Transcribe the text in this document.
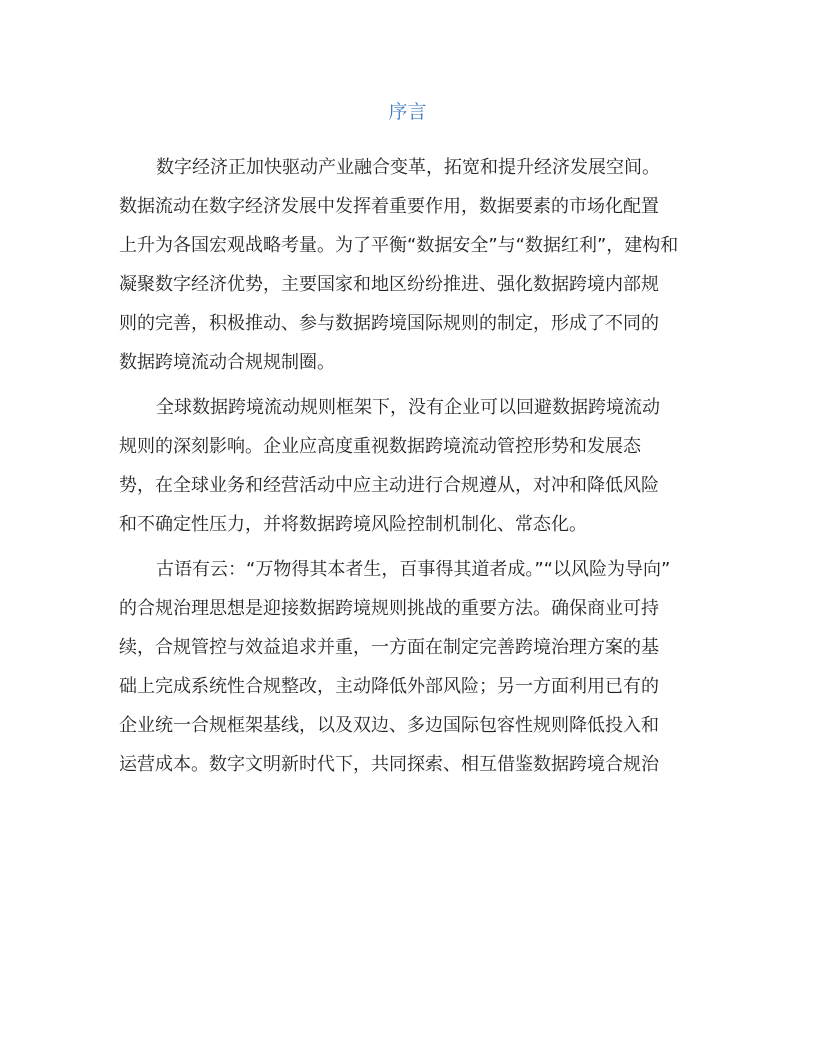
序言

数字经济正加快驱动产业融合变革，拓宽和提升经济发展空间。
数据流动在数字经济发展中发挥着重要作用，数据要素的市场化配置
上升为各国宏观战略考量。为了平衡“数据安全”与“数据红利”，建构和
凝聚数字经济优势，主要国家和地区纷纷推进、强化数据跨境内部规
则的完善，积极推动、参与数据跨境国际规则的制定，形成了不同的
数据跨境流动合规规制圈。

全球数据跨境流动规则框架下，没有企业可以回避数据跨境流动
规则的深刻影响。企业应高度重视数据跨境流动管控形势和发展态
势，在全球业务和经营活动中应主动进行合规遵从，对冲和降低风险
和不确定性压力，并将数据跨境风险控制机制化、常态化。

古语有云：“万物得其本者生，百事得其道者成。”“以风险为导向”
的合规治理思想是迎接数据跨境规则挑战的重要方法。确保商业可持
续，合规管控与效益追求并重，一方面在制定完善跨境治理方案的基
础上完成系统性合规整改，主动降低外部风险；另一方面利用已有的
企业统一合规框架基线，以及双边、多边国际包容性规则降低投入和
运营成本。数字文明新时代下，共同探索、相互借鉴数据跨境合规治
